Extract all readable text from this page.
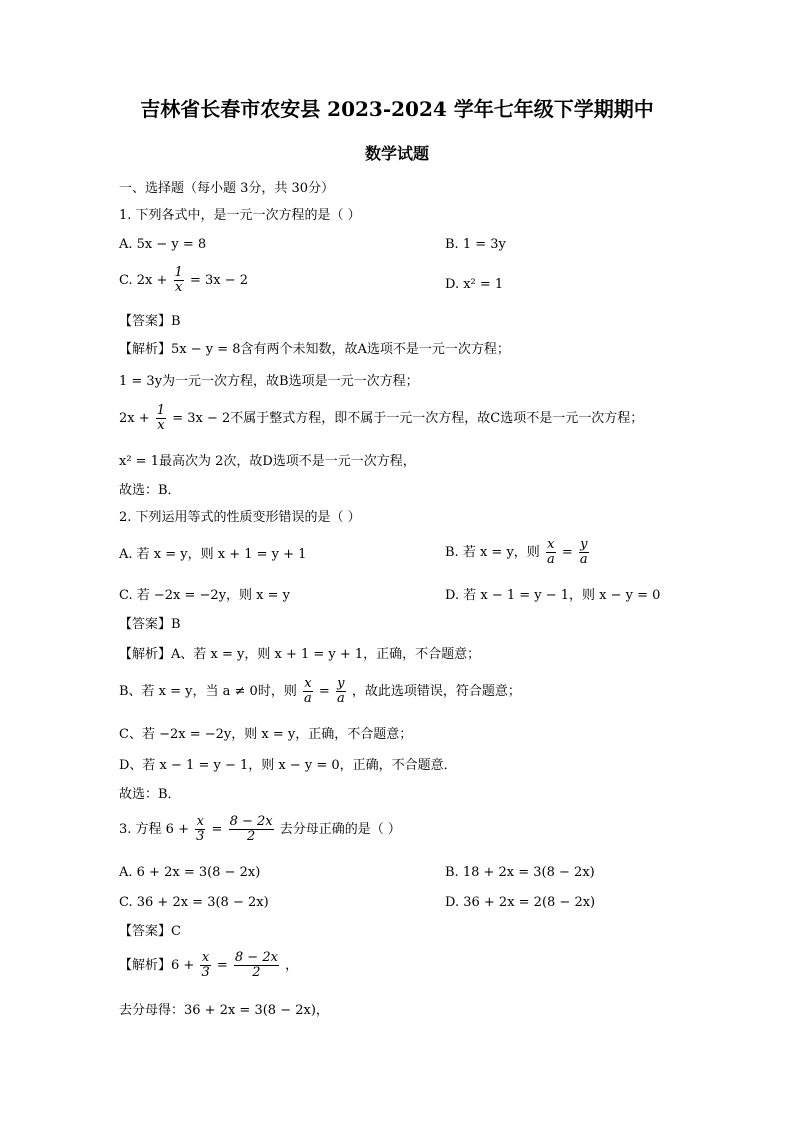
吉林省长春市农安县 2023-2024 学年七年级下学期期中
数学试题
一、选择题（每小题 3分，共 30分）
1. 下列各式中，是一元一次方程的是（ ）
A. 5x − y = 8	B. 1 = 3y
C. $2x + \frac{1}{x} = 3x - 2$	D. x² = 1
【答案】B
【解析】5x − y = 8含有两个未知数，故A选项不是一元一次方程；
1 = 3y为一元一次方程，故B选项是一元一次方程；
$2x + \frac{1}{x} = 3x - 2$不属于整式方程，即不属于一元一次方程，故C选项不是一元一次方程；
x² = 1最高次为 2次，故D选项不是一元一次方程，
故选：B．
2. 下列运用等式的性质变形错误的是（ ）
A. 若 x = y，则 x + 1 = y + 1	B. 若 x = y，则 $\frac{x}{a} = \frac{y}{a}$
C. 若 −2x = −2y，则 x = y	D. 若 x − 1 = y − 1，则 x − y = 0
【答案】B
【解析】A、若 x = y，则 x + 1 = y + 1，正确，不合题意；
B、若 x = y，当 a ≠ 0时，则 $\frac{x}{a} = \frac{y}{a}$ ，故此选项错误，符合题意；
C、若 −2x = −2y，则 x = y，正确，不合题意；
D、若 x − 1 = y − 1，则 x − y = 0，正确，不合题意．
故选：B．
3. 方程 $6 + \frac{x}{3} = \frac{8 - 2x}{2}$ 去分母正确的是（ ）
A. 6 + 2x = 3(8 − 2x)	B. 18 + 2x = 3(8 − 2x)
C. 36 + 2x = 3(8 − 2x)	D. 36 + 2x = 2(8 − 2x)
【答案】C
【解析】$6 + \frac{x}{3} = \frac{8 - 2x}{2}$ ，
去分母得：36 + 2x = 3(8 − 2x)，
